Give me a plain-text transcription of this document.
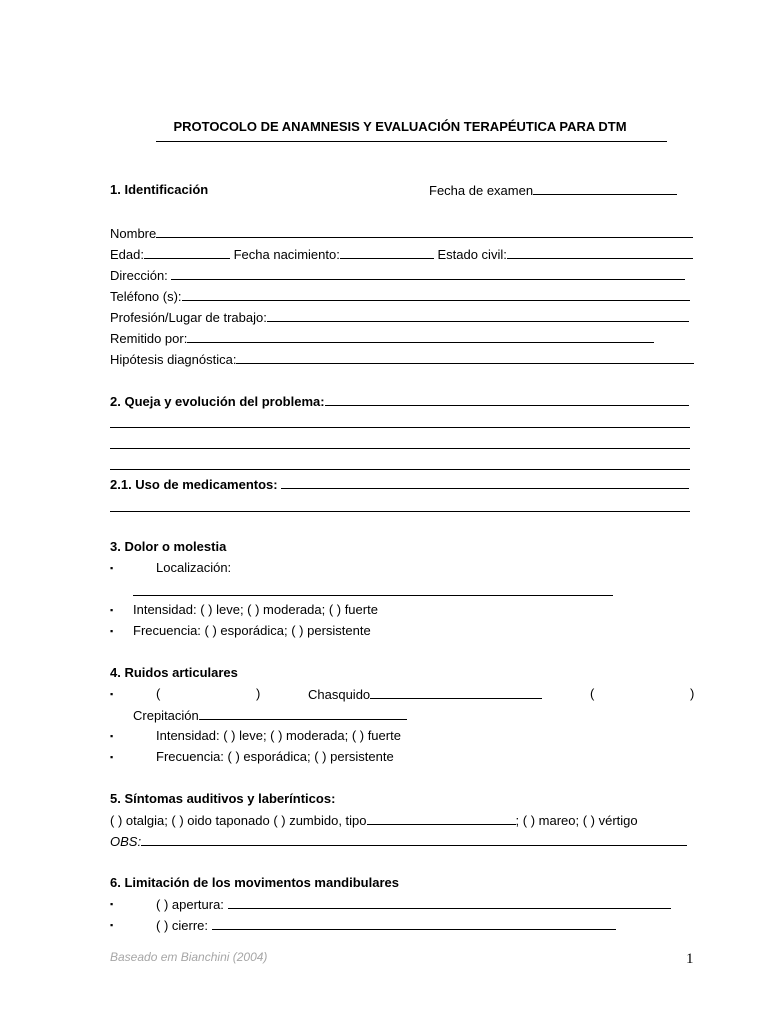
PROTOCOLO DE ANAMNESIS Y EVALUACIÓN TERAPÉUTICA PARA DTM
1. Identificación	Fecha de examen
Nombre
Edad:	Fecha nacimiento:	Estado civil:
Dirección:
Teléfono (s):
Profesión/Lugar de trabajo:
Remitido por:
Hipótesis diagnóstica:
2. Queja y evolución del problema:
2.1. Uso de medicamentos:
3. Dolor o molestia
▪	Localización:
▪ Intensidad: ( ) leve; ( ) moderada; ( ) fuerte
▪ Frecuencia: ( ) esporádica; ( ) persistente
4. Ruidos articulares
▪	(	)	Chasquido	(	)
Crepitación
▪	Intensidad: ( ) leve; ( ) moderada; ( ) fuerte
▪	Frecuencia: ( ) esporádica; ( ) persistente
5. Síntomas auditivos y laberínticos:
( ) otalgia; ( ) oido taponado ( ) zumbido, tipo	; ( ) mareo; ( ) vértigo
OBS:
6. Limitación de los movimentos mandibulares
▪	( ) apertura:
▪	( ) cierre:
Baseado em Bianchini (2004)	1
